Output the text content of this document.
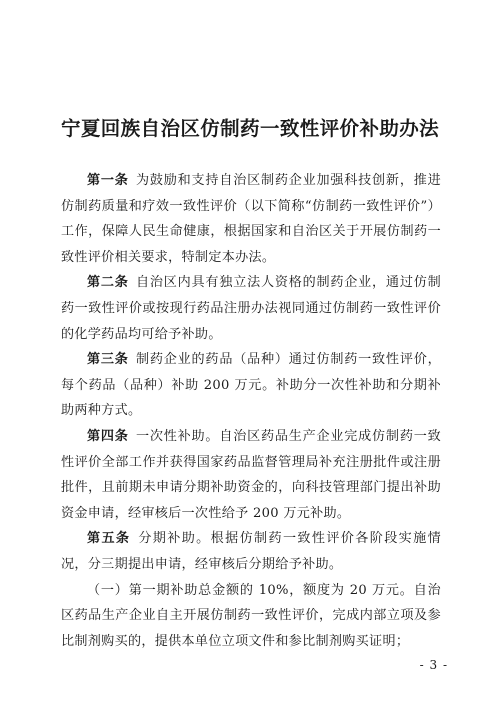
宁夏回族自治区仿制药一致性评价补助办法

第一条  为鼓励和支持自治区制药企业加强科技创新，推进仿制药质量和疗效一致性评价（以下简称“仿制药一致性评价”）工作，保障人民生命健康，根据国家和自治区关于开展仿制药一致性评价相关要求，特制定本办法。

第二条  自治区内具有独立法人资格的制药企业，通过仿制药一致性评价或按现行药品注册办法视同通过仿制药一致性评价的化学药品均可给予补助。

第三条  制药企业的药品（品种）通过仿制药一致性评价，每个药品（品种）补助 200 万元。补助分一次性补助和分期补助两种方式。

第四条  一次性补助。自治区药品生产企业完成仿制药一致性评价全部工作并获得国家药品监督管理局补充注册批件或注册批件，且前期未申请分期补助资金的，向科技管理部门提出补助资金申请，经审核后一次性给予 200 万元补助。

第五条  分期补助。根据仿制药一致性评价各阶段实施情况，分三期提出申请，经审核后分期给予补助。

（一）第一期补助总金额的 10%，额度为 20 万元。自治区药品生产企业自主开展仿制药一致性评价，完成内部立项及参比制剂购买的，提供本单位立项文件和参比制剂购买证明；

- 3 -
